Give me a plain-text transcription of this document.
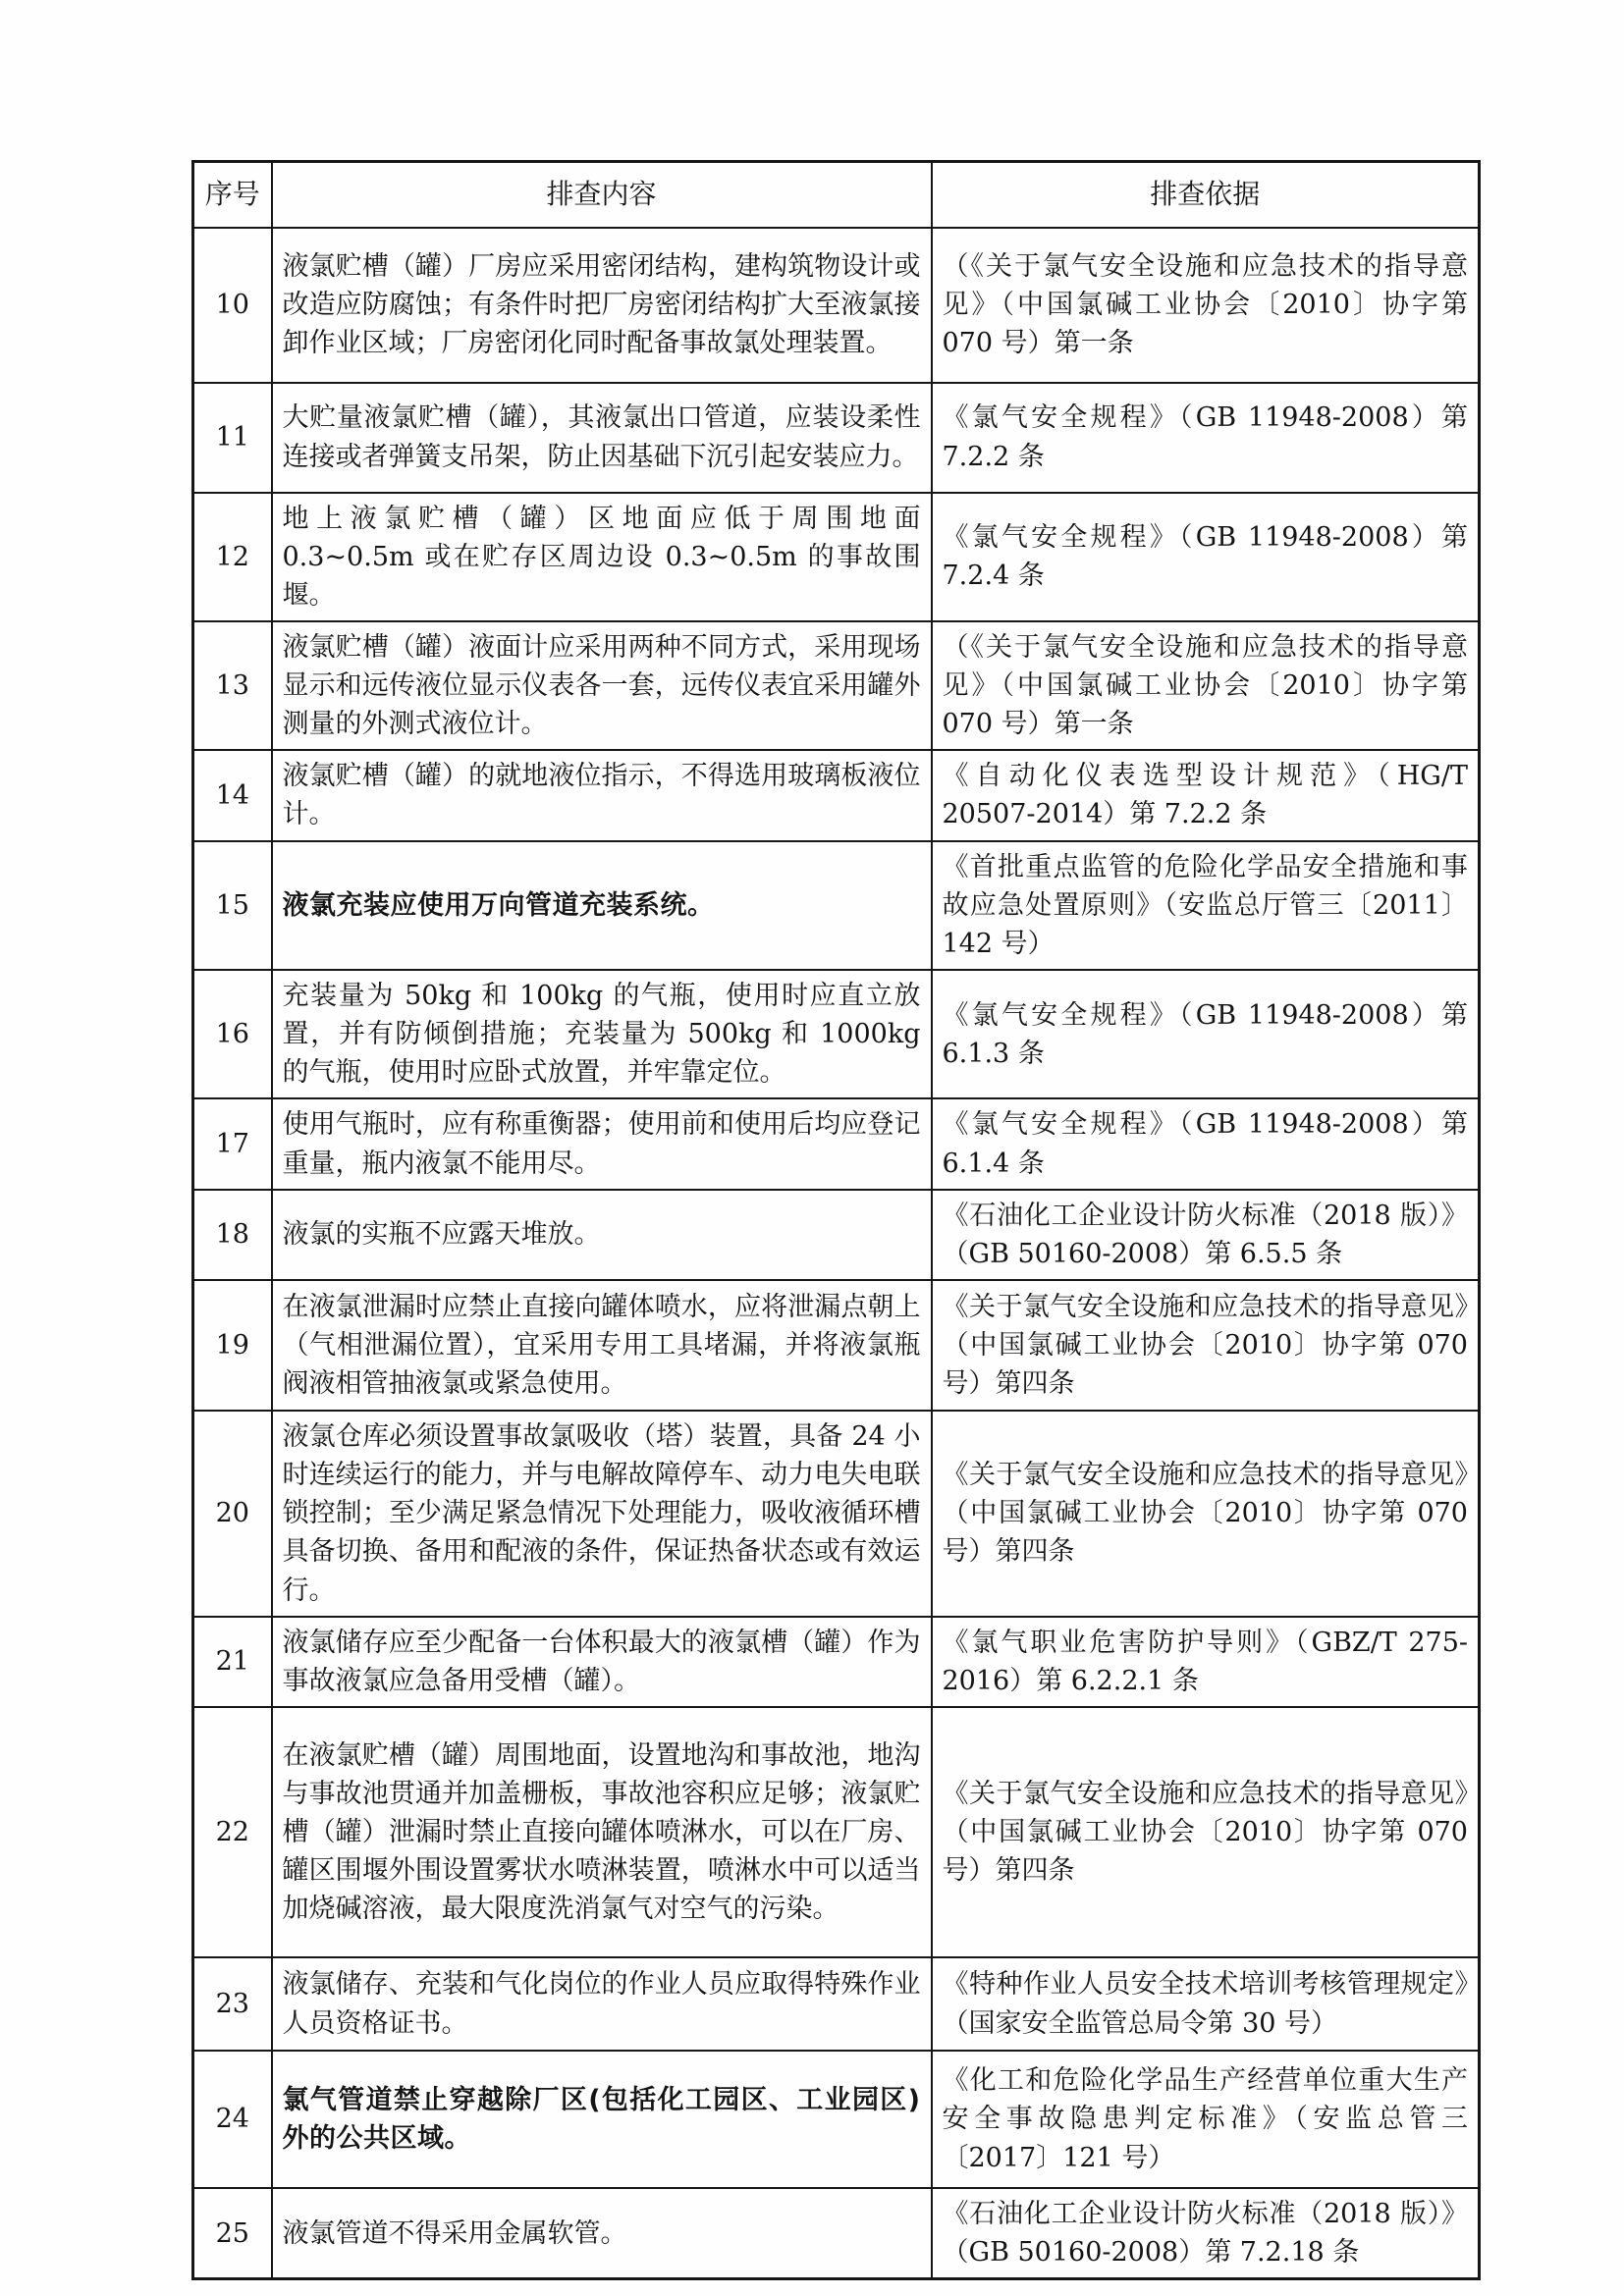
序号	排查内容	排查依据
10	液氯贮槽（罐）厂房应采用密闭结构，建构筑物设计或改造应防腐蚀；有条件时把厂房密闭结构扩大至液氯接卸作业区域；厂房密闭化同时配备事故氯处理装置。	（《关于氯气安全设施和应急技术的指导意见》（中国氯碱工业协会〔2010〕协字第 070 号）第一条
11	大贮量液氯贮槽（罐），其液氯出口管道，应装设柔性连接或者弹簧支吊架，防止因基础下沉引起安装应力。	《氯气安全规程》（GB 11948-2008）第 7.2.2 条
12	地上液氯贮槽（罐）区地面应低于周围地面 0.3~0.5m 或在贮存区周边设 0.3~0.5m 的事故围堰。	《氯气安全规程》（GB 11948-2008）第 7.2.4 条
13	液氯贮槽（罐）液面计应采用两种不同方式，采用现场显示和远传液位显示仪表各一套，远传仪表宜采用罐外测量的外测式液位计。	（《关于氯气安全设施和应急技术的指导意见》（中国氯碱工业协会〔2010〕协字第 070 号）第一条
14	液氯贮槽（罐）的就地液位指示，不得选用玻璃板液位计。	《自动化仪表选型设计规范》（HG/T 20507-2014）第 7.2.2 条
15	液氯充装应使用万向管道充装系统。	《首批重点监管的危险化学品安全措施和事故应急处置原则》（安监总厅管三〔2011〕142 号）
16	充装量为 50kg 和 100kg 的气瓶，使用时应直立放置，并有防倾倒措施；充装量为 500kg 和 1000kg 的气瓶，使用时应卧式放置，并牢靠定位。	《氯气安全规程》（GB 11948-2008）第 6.1.3 条
17	使用气瓶时，应有称重衡器；使用前和使用后均应登记重量，瓶内液氯不能用尽。	《氯气安全规程》（GB 11948-2008）第 6.1.4 条
18	液氯的实瓶不应露天堆放。	《石油化工企业设计防火标准（2018 版）》（GB 50160-2008）第 6.5.5 条
19	在液氯泄漏时应禁止直接向罐体喷水，应将泄漏点朝上（气相泄漏位置），宜采用专用工具堵漏，并将液氯瓶阀液相管抽液氯或紧急使用。	《关于氯气安全设施和应急技术的指导意见》（中国氯碱工业协会〔2010〕协字第 070 号）第四条
20	液氯仓库必须设置事故氯吸收（塔）装置，具备 24 小时连续运行的能力，并与电解故障停车、动力电失电联锁控制；至少满足紧急情况下处理能力，吸收液循环槽具备切换、备用和配液的条件，保证热备状态或有效运行。	《关于氯气安全设施和应急技术的指导意见》（中国氯碱工业协会〔2010〕协字第 070 号）第四条
21	液氯储存应至少配备一台体积最大的液氯槽（罐）作为事故液氯应急备用受槽（罐）。	《氯气职业危害防护导则》（GBZ/T 275-2016）第 6.2.2.1 条
22	在液氯贮槽（罐）周围地面，设置地沟和事故池，地沟与事故池贯通并加盖栅板，事故池容积应足够；液氯贮槽（罐）泄漏时禁止直接向罐体喷淋水，可以在厂房、罐区围堰外围设置雾状水喷淋装置，喷淋水中可以适当加烧碱溶液，最大限度洗消氯气对空气的污染。	《关于氯气安全设施和应急技术的指导意见》（中国氯碱工业协会〔2010〕协字第 070 号）第四条
23	液氯储存、充装和气化岗位的作业人员应取得特殊作业人员资格证书。	《特种作业人员安全技术培训考核管理规定》（国家安全监管总局令第 30 号）
24	氯气管道禁止穿越除厂区(包括化工园区、工业园区)外的公共区域。	《化工和危险化学品生产经营单位重大生产安全事故隐患判定标准》（安监总管三〔2017〕121 号）
25	液氯管道不得采用金属软管。	《石油化工企业设计防火标准（2018 版）》（GB 50160-2008）第 7.2.18 条
